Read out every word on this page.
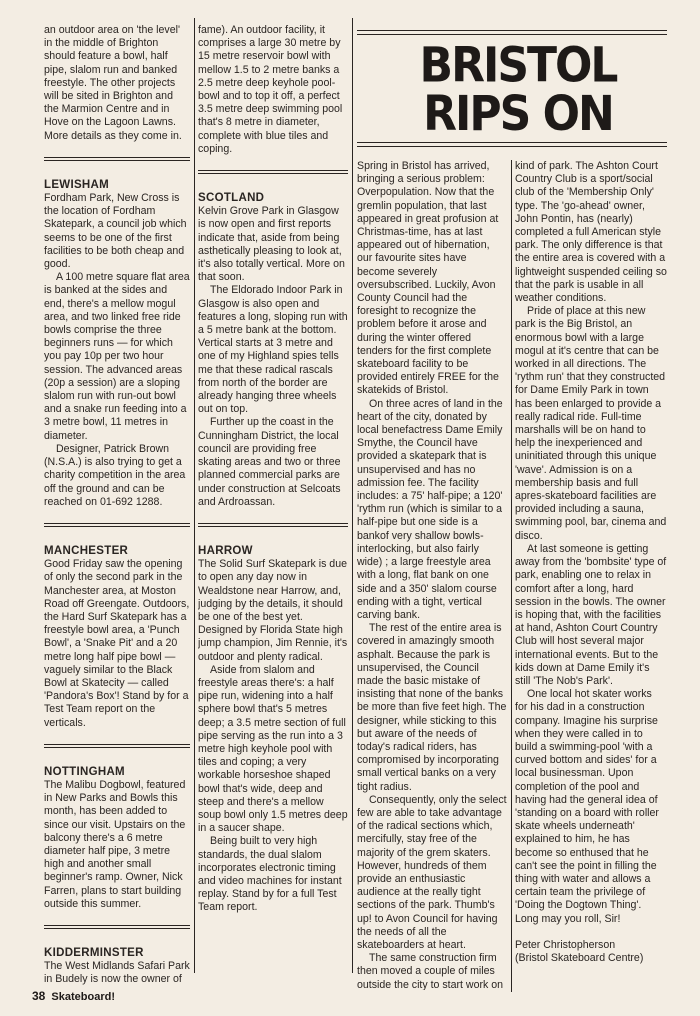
BRISTOL
RIPS ON

an outdoor area on 'the level' in the middle of Brighton should feature a bowl, half pipe, slalom run and banked freestyle. The other projects will be sited in Brighton and the Marmion Centre and in Hove on the Lagoon Lawns. More details as they come in.

LEWISHAM

Fordham Park, New Cross is the location of Fordham Skatepark, a council job which seems to be one of the first facilities to be both cheap and good.

A 100 metre square flat area is banked at the sides and end, there's a mellow mogul area, and two linked free ride bowls comprise the three beginners runs — for which you pay 10p per two hour session. The advanced areas (20p a session) are a sloping slalom run with run-out bowl and a snake run feeding into a 3 metre bowl, 11 metres in diameter.

Designer, Patrick Brown (N.S.A.) is also trying to get a charity competition in the area off the ground and can be reached on 01-692 1288.

MANCHESTER

Good Friday saw the opening of only the second park in the Manchester area, at Moston Road off Greengate. Outdoors, the Hard Surf Skatepark has a freestyle bowl area, a 'Punch Bowl', a 'Snake Pit' and a 20 metre long half pipe bowl — vaguely similar to the Black Bowl at Skatecity — called 'Pandora's Box'! Stand by for a Test Team report on the verticals.

NOTTINGHAM

The Malibu Dogbowl, featured in New Parks and Bowls this month, has been added to since our visit. Upstairs on the balcony there's a 6 metre diameter half pipe, 3 metre high and another small beginner's ramp. Owner, Nick Farren, plans to start building outside this summer.

KIDDERMINSTER

The West Midlands Safari Park in Budely is now the owner of

fame). An outdoor facility, it comprises a large 30 metre by 15 metre reservoir bowl with mellow 1.5 to 2 metre banks a 2.5 metre deep keyhole pool-bowl and to top it off, a perfect 3.5 metre deep swimming pool that's 8 metre in diameter, complete with blue tiles and coping.

SCOTLAND

Kelvin Grove Park in Glasgow is now open and first reports indicate that, aside from being asthetically pleasing to look at, it's also totally vertical. More on that soon.

The Eldorado Indoor Park in Glasgow is also open and features a long, sloping run with a 5 metre bank at the bottom. Vertical starts at 3 metre and one of my Highland spies tells me that these radical rascals from north of the border are already hanging three wheels out on top.

Further up the coast in the Cunningham District, the local council are providing free skating areas and two or three planned commercial parks are under construction at Selcoats and Ardroassan.

HARROW

The Solid Surf Skatepark is due to open any day now in Wealdstone near Harrow, and, judging by the details, it should be one of the best yet. Designed by Florida State high jump champion, Jim Rennie, it's outdoor and plenty radical.

Aside from slalom and freestyle areas there's: a half pipe run, widening into a half sphere bowl that's 5 metres deep; a 3.5 metre section of full pipe serving as the run into a 3 metre high keyhole pool with tiles and coping; a very workable horseshoe shaped bowl that's wide, deep and steep and there's a mellow soup bowl only 1.5 metres deep in a saucer shape.

Being built to very high standards, the dual slalom incorporates electronic timing and video machines for instant replay. Stand by for a full Test Team report.

Spring in Bristol has arrived, bringing a serious problem: Overpopulation. Now that the gremlin population, that last appeared in great profusion at Christmas-time, has at last appeared out of hibernation, our favourite sites have become severely oversubscribed. Luckily, Avon County Council had the foresight to recognize the problem before it arose and during the winter offered tenders for the first complete skateboard facility to be provided entirely FREE for the skatekids of Bristol.

On three acres of land in the heart of the city, donated by local benefactress Dame Emily Smythe, the Council have provided a skatepark that is unsupervised and has no admission fee. The facility includes: a 75' half-pipe; a 120' 'rythm run (which is similar to a half-pipe but one side is a bankof very shallow bowls- interlocking, but also fairly wide) ; a large freestyle area with a long, flat bank on one side and a 350' slalom course ending with a tight, vertical carving bank.

The rest of the entire area is covered in amazingly smooth asphalt. Because the park is unsupervised, the Council made the basic mistake of insisting that none of the banks be more than five feet high. The designer, while sticking to this but aware of the needs of today's radical riders, has compromised by incorporating small vertical banks on a very tight radius.

Consequently, only the select few are able to take advantage of the radical sections which, mercifully, stay free of the majority of the grem skaters. However, hundreds of them provide an enthusiastic audience at the really tight sections of the park. Thumb's up! to Avon Council for having the needs of all the skateboarders at heart.

The same construction firm then moved a couple of miles outside the city to start work on

kind of park. The Ashton Court Country Club is a sport/social club of the 'Membership Only' type. The 'go-ahead' owner, John Pontin, has (nearly) completed a full American style park. The only difference is that the entire area is covered with a lightweight suspended ceiling so that the park is usable in all weather conditions.

Pride of place at this new park is the Big Bristol, an enormous bowl with a large mogul at it's centre that can be worked in all directions. The 'rythm run' that they constructed for Dame Emily Park in town has been enlarged to provide a really radical ride. Full-time marshalls will be on hand to help the inexperienced and uninitiated through this unique 'wave'. Admission is on a membership basis and full apres-skateboard facilities are provided including a sauna, swimming pool, bar, cinema and disco.

At last someone is getting away from the 'bombsite' type of park, enabling one to relax in comfort after a long, hard session in the bowls. The owner is hoping that, with the facilities at hand, Ashton Court Country Club will host several major international events. But to the kids down at Dame Emily it's still 'The Nob's Park'.

One local hot skater works for his dad in a construction company. Imagine his surprise when they were called in to build a swimming-pool 'with a curved bottom and sides' for a local businessman. Upon completion of the pool and having had the general idea of 'standing on a board with roller skate wheels underneath' explained to him, he has become so enthused that he can't see the point in filling the thing with water and allows a certain team the privilege of 'Doing the Dogtown Thing'. Long may you roll, Sir!

Peter Christopherson

(Bristol Skateboard Centre)

38 Skateboard!
